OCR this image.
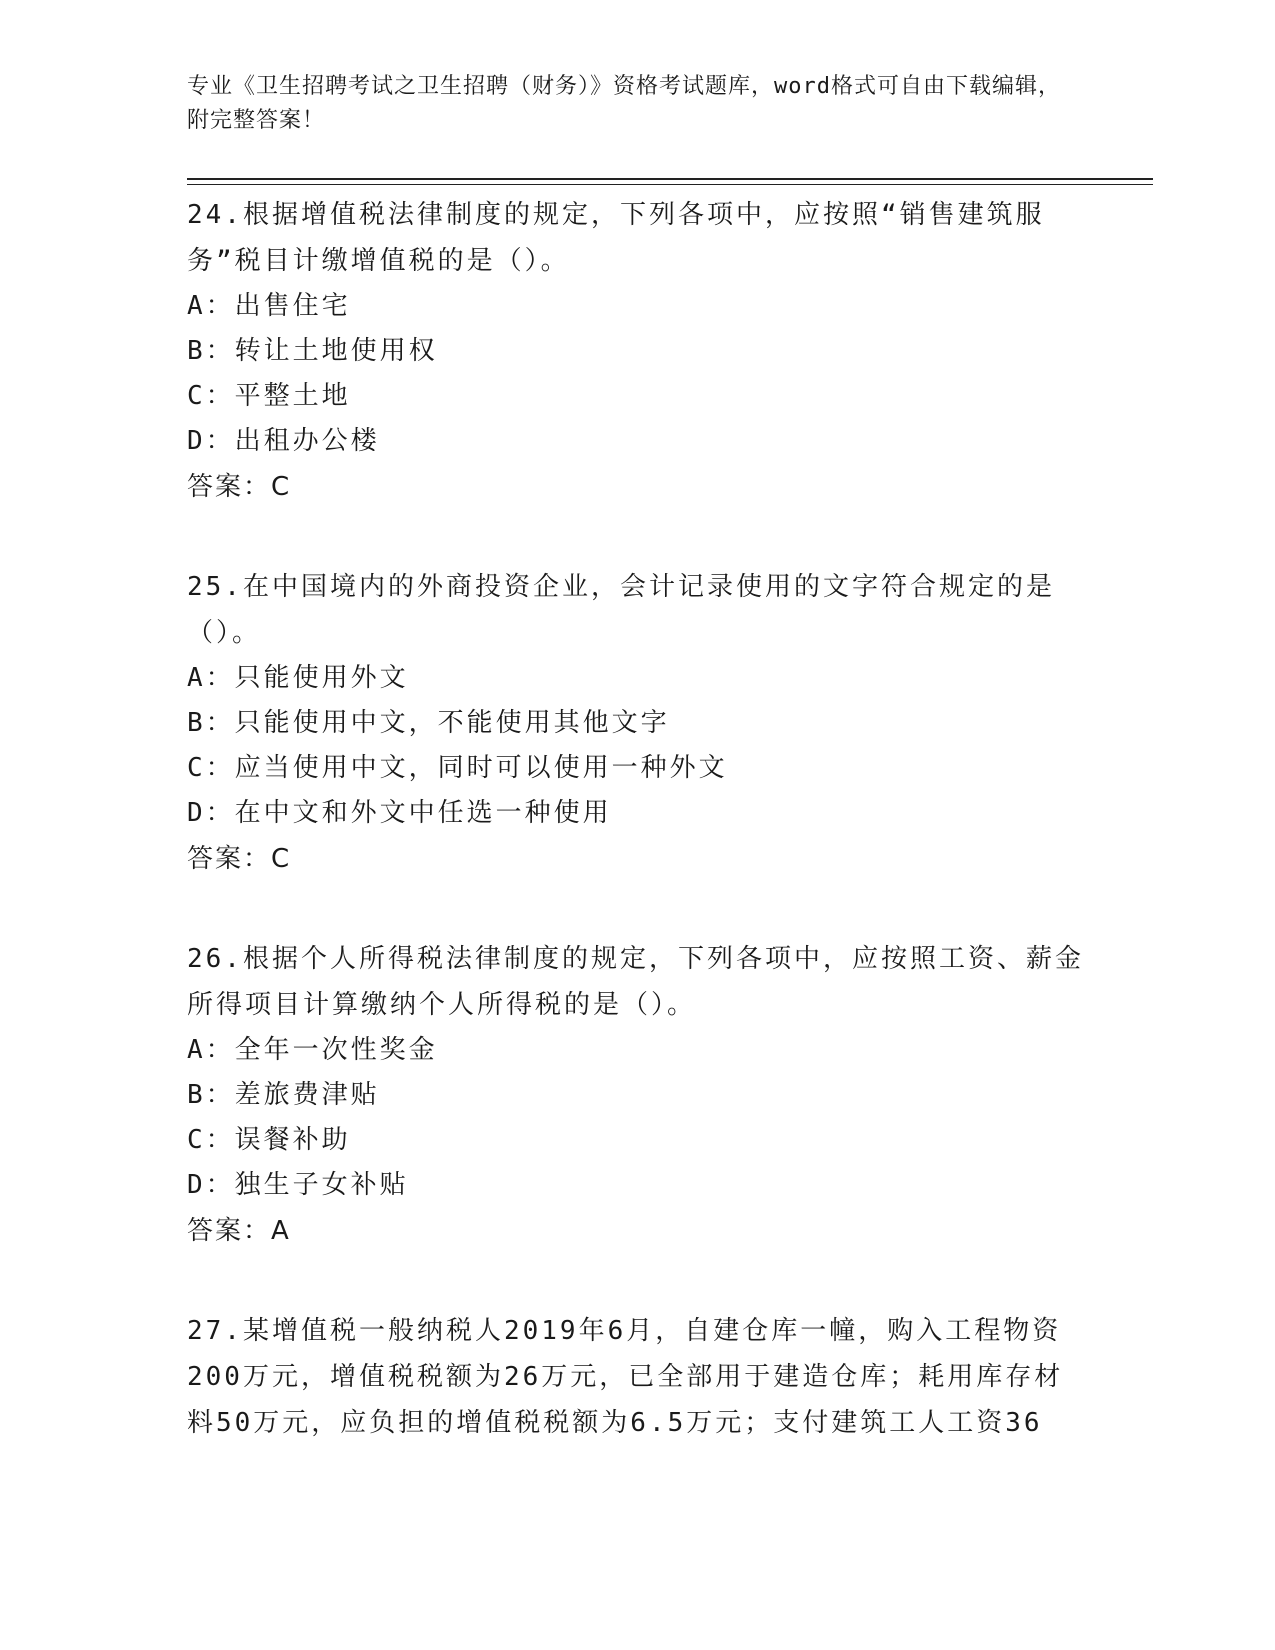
专业《卫生招聘考试之卫生招聘（财务）》资格考试题库，word格式可自由下载编辑，附完整答案！
24.根据增值税法律制度的规定，下列各项中，应按照“销售建筑服务”税目计缴增值税的是（）。
A：出售住宅
B：转让土地使用权
C：平整土地
D：出租办公楼
答案：C
25.在中国境内的外商投资企业，会计记录使用的文字符合规定的是（）。
A：只能使用外文
B：只能使用中文，不能使用其他文字
C：应当使用中文，同时可以使用一种外文
D：在中文和外文中任选一种使用
答案：C
26.根据个人所得税法律制度的规定，下列各项中，应按照工资、薪金所得项目计算缴纳个人所得税的是（）。
A：全年一次性奖金
B：差旅费津贴
C：误餐补助
D：独生子女补贴
答案：A
27.某增值税一般纳税人2019年6月，自建仓库一幢，购入工程物资200万元，增值税税额为26万元，已全部用于建造仓库；耗用库存材料50万元，应负担的增值税税额为6.5万元；支付建筑工人工资36
